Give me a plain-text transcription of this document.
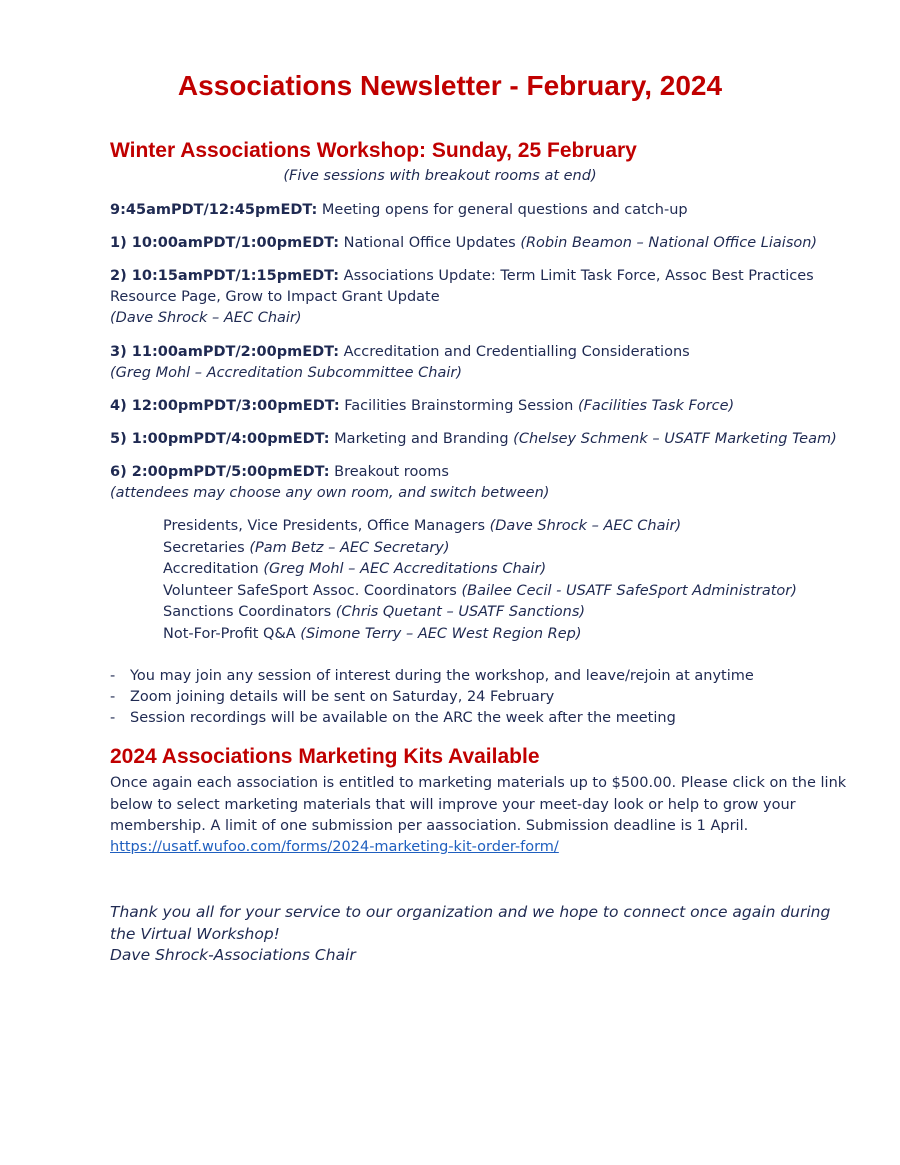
Associations Newsletter - February, 2024
Winter Associations Workshop: Sunday, 25 February
(Five sessions with breakout rooms at end)
9:45amPDT/12:45pmEDT: Meeting opens for general questions and catch-up
1) 10:00amPDT/1:00pmEDT: National Office Updates (Robin Beamon – National Office Liaison)
2) 10:15amPDT/1:15pmEDT: Associations Update: Term Limit Task Force, Assoc Best Practices
Resource Page, Grow to Impact Grant Update
(Dave Shrock – AEC Chair)
3) 11:00amPDT/2:00pmEDT: Accreditation and Credentialling Considerations
(Greg Mohl – Accreditation Subcommittee Chair)
4) 12:00pmPDT/3:00pmEDT: Facilities Brainstorming Session (Facilities Task Force)
5) 1:00pmPDT/4:00pmEDT: Marketing and Branding (Chelsey Schmenk – USATF Marketing Team)
6) 2:00pmPDT/5:00pmEDT: Breakout rooms
(attendees may choose any own room, and switch between)
Presidents, Vice Presidents, Office Managers (Dave Shrock – AEC Chair)
Secretaries (Pam Betz – AEC Secretary)
Accreditation (Greg Mohl – AEC Accreditations Chair)
Volunteer SafeSport Assoc. Coordinators (Bailee Cecil - USATF SafeSport Administrator)
Sanctions Coordinators (Chris Quetant – USATF Sanctions)
Not-For-Profit Q&A (Simone Terry – AEC West Region Rep)
- You may join any session of interest during the workshop, and leave/rejoin at anytime
- Zoom joining details will be sent on Saturday, 24 February
- Session recordings will be available on the ARC the week after the meeting
2024 Associations Marketing Kits Available
Once again each association is entitled to marketing materials up to $500.00. Please click on the link
below to select marketing materials that will improve your meet-day look or help to grow your
membership. A limit of one submission per aassociation. Submission deadline is 1 April.
https://usatf.wufoo.com/forms/2024-marketing-kit-order-form/
Thank you all for your service to our organization and we hope to connect once again during
the Virtual Workshop!
Dave Shrock-Associations Chair
